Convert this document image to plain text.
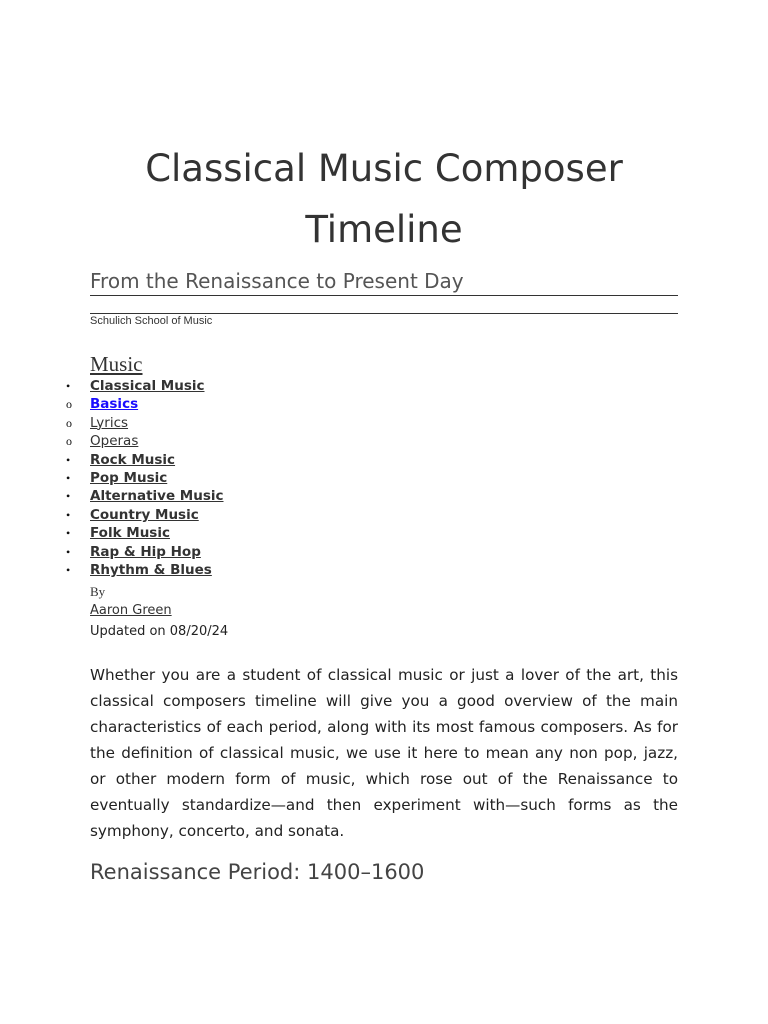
Classical Music Composer Timeline
From the Renaissance to Present Day
Schulich School of Music
Music
•	Classical Music
o	Basics
o	Lyrics
o	Operas
•	Rock Music
•	Pop Music
•	Alternative Music
•	Country Music
•	Folk Music
•	Rap & Hip Hop
•	Rhythm & Blues
By
Aaron Green
Updated on 08/20/24

Whether you are a student of classical music or just a lover of the art, this classical composers timeline will give you a good overview of the main characteristics of each period, along with its most famous composers. As for the definition of classical music, we use it here to mean any non pop, jazz, or other modern form of music, which rose out of the Renaissance to eventually standardize—and then experiment with—such forms as the symphony, concerto, and sonata.

Renaissance Period: 1400–1600
